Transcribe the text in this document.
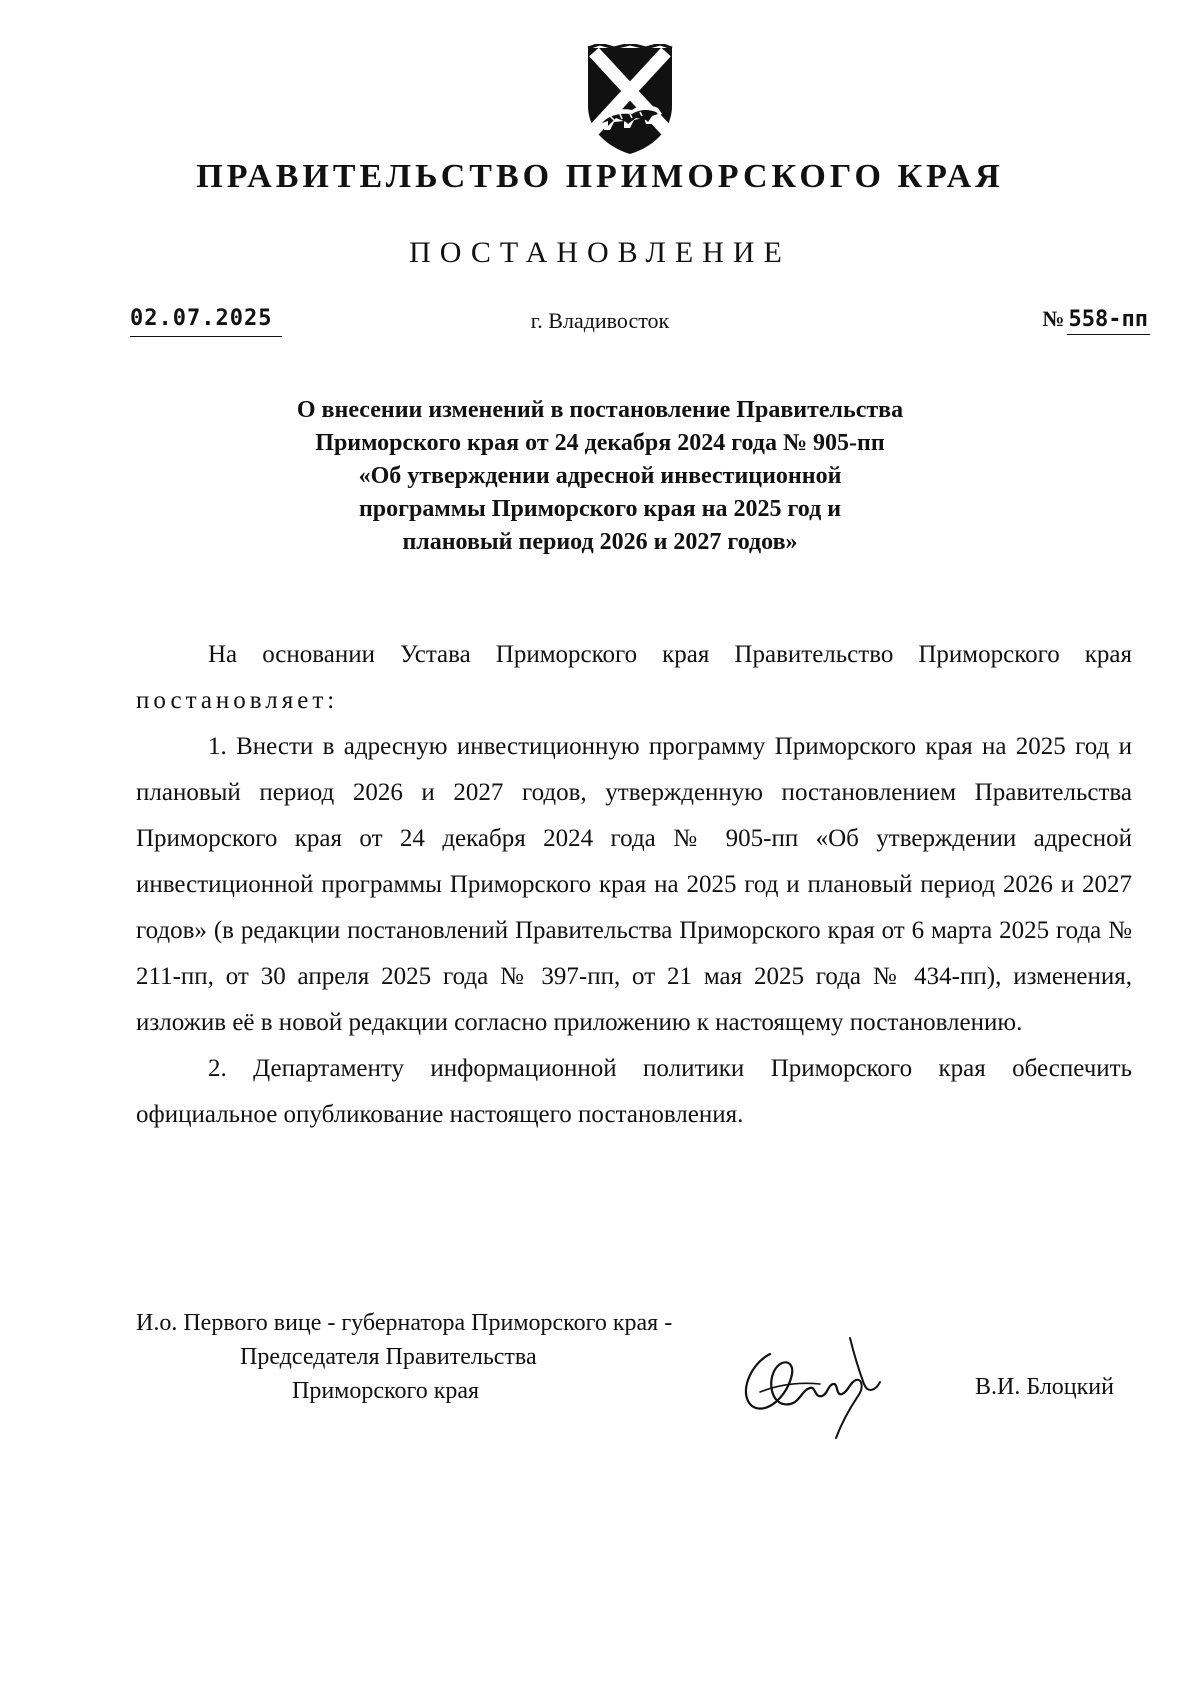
ПРАВИТЕЛЬСТВО ПРИМОРСКОГО КРАЯ
ПОСТАНОВЛЕНИЕ
02.07.2025	г. Владивосток	№ 558-пп
О внесении изменений в постановление Правительства
Приморского края от 24 декабря 2024 года № 905-пп
«Об утверждении адресной инвестиционной
программы Приморского края на 2025 год и
плановый период 2026 и 2027 годов»

На основании Устава Приморского края Правительство Приморского края постановляет:

1. Внести в адресную инвестиционную программу Приморского края на 2025 год и плановый период 2026 и 2027 годов, утвержденную постановлением Правительства Приморского края от 24 декабря 2024 года № 905-пп «Об утверждении адресной инвестиционной программы Приморского края на 2025 год и плановый период 2026 и 2027 годов» (в редакции постановлений Правительства Приморского края от 6 марта 2025 года № 211-пп, от 30 апреля 2025 года № 397-пп, от 21 мая 2025 года № 434-пп), изменения, изложив её в новой редакции согласно приложению к настоящему постановлению.

2. Департаменту информационной политики Приморского края обеспечить официальное опубликование настоящего постановления.

И.о. Первого вице - губернатора Приморского края -
Председателя Правительства
Приморского края	В.И. Блоцкий
